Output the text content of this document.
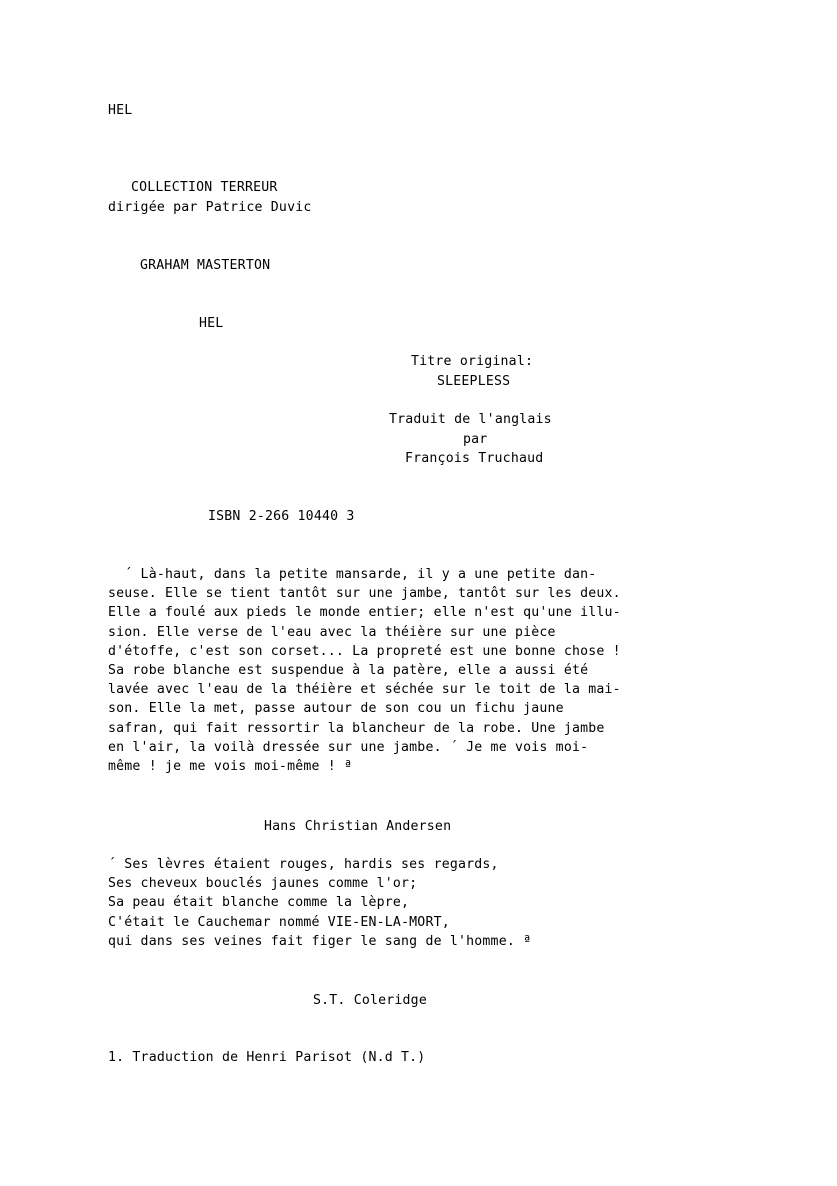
HEL
COLLECTION TERREUR
dirigée par Patrice Duvic
GRAHAM MASTERTON
HEL
Titre original:
SLEEPLESS
Traduit de l'anglais
par
François Truchaud
ISBN 2-266 10440 3
´ Là-haut, dans la petite mansarde, il y a une petite dan-
seuse. Elle se tient tantôt sur une jambe, tantôt sur les deux.
Elle a foulé aux pieds le monde entier; elle n'est qu'une illu-
sion. Elle verse de l'eau avec la théière sur une pièce
d'étoffe, c'est son corset... La propreté est une bonne chose !
Sa robe blanche est suspendue à la patère, elle a aussi été
lavée avec l'eau de la théière et séchée sur le toit de la mai-
son. Elle la met, passe autour de son cou un fichu jaune
safran, qui fait ressortir la blancheur de la robe. Une jambe
en l'air, la voilà dressée sur une jambe. ´ Je me vois moi-
même ! je me vois moi-même ! ª
Hans Christian Andersen
´ Ses lèvres étaient rouges, hardis ses regards,
Ses cheveux bouclés jaunes comme l'or;
Sa peau était blanche comme la lèpre,
C'était le Cauchemar nommé VIE-EN-LA-MORT,
qui dans ses veines fait figer le sang de l'homme. ª
S.T. Coleridge
1. Traduction de Henri Parisot (N.d T.)
